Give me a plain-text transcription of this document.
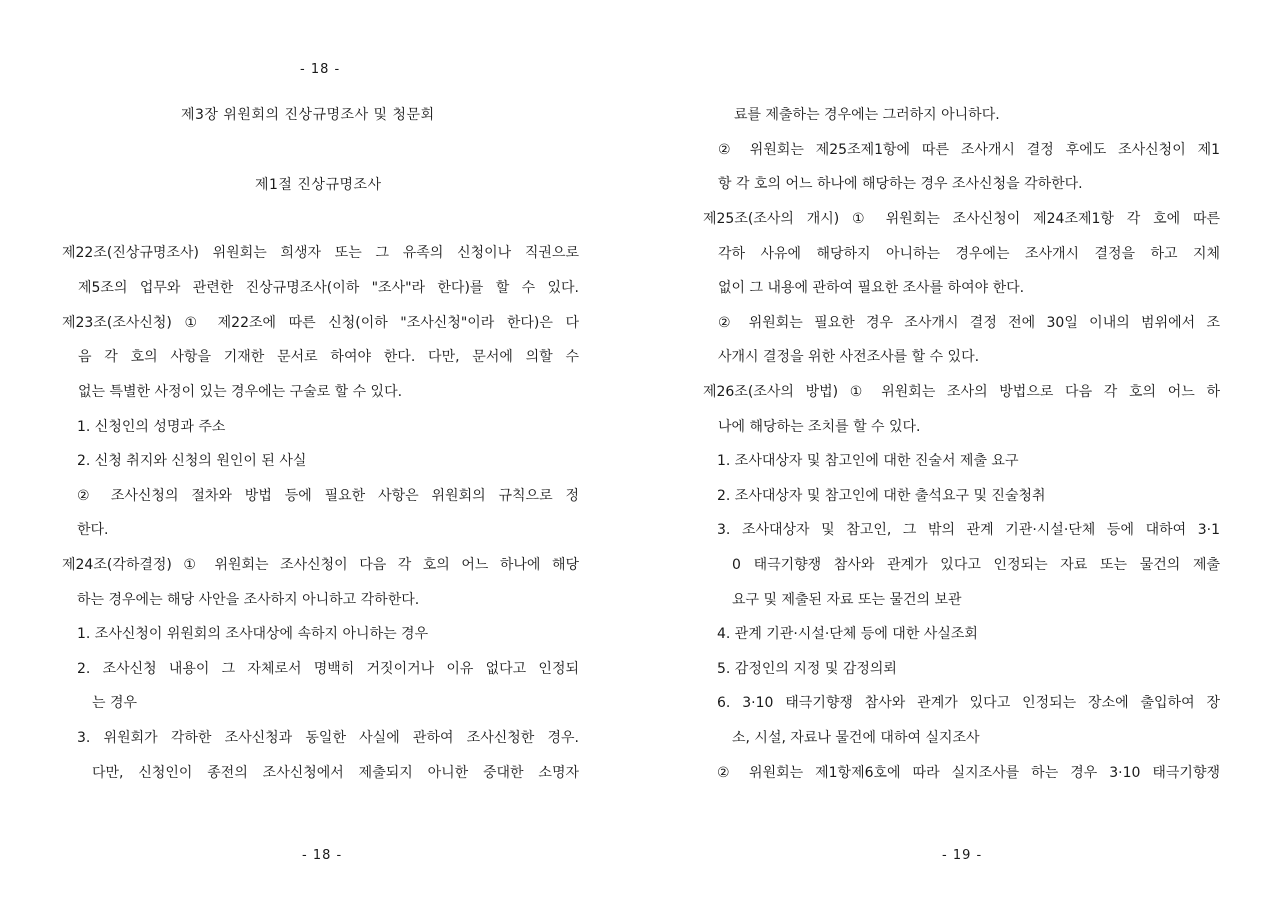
- 18 -
제3장 위원회의 진상규명조사 및 청문회
제1절 진상규명조사
제22조(진상규명조사) 위원회는 희생자 또는 그 유족의 신청이나 직권으로
제5조의 업무와 관련한 진상규명조사(이하 "조사"라 한다)를 할 수 있다.
제23조(조사신청) ① 제22조에 따른 신청(이하 "조사신청"이라 한다)은 다
음 각 호의 사항을 기재한 문서로 하여야 한다. 다만, 문서에 의할 수
없는 특별한 사정이 있는 경우에는 구술로 할 수 있다.
1. 신청인의 성명과 주소
2. 신청 취지와 신청의 원인이 된 사실
② 조사신청의 절차와 방법 등에 필요한 사항은 위원회의 규칙으로 정
한다.
제24조(각하결정) ① 위원회는 조사신청이 다음 각 호의 어느 하나에 해당
하는 경우에는 해당 사안을 조사하지 아니하고 각하한다.
1. 조사신청이 위원회의 조사대상에 속하지 아니하는 경우
2. 조사신청 내용이 그 자체로서 명백히 거짓이거나 이유 없다고 인정되
는 경우
3. 위원회가 각하한 조사신청과 동일한 사실에 관하여 조사신청한 경우.
다만, 신청인이 종전의 조사신청에서 제출되지 아니한 중대한 소명자
- 18 -
료를 제출하는 경우에는 그러하지 아니하다.
② 위원회는 제25조제1항에 따른 조사개시 결정 후에도 조사신청이 제1
항 각 호의 어느 하나에 해당하는 경우 조사신청을 각하한다.
제25조(조사의 개시) ① 위원회는 조사신청이 제24조제1항 각 호에 따른
각하 사유에 해당하지 아니하는 경우에는 조사개시 결정을 하고 지체
없이 그 내용에 관하여 필요한 조사를 하여야 한다.
② 위원회는 필요한 경우 조사개시 결정 전에 30일 이내의 범위에서 조
사개시 결정을 위한 사전조사를 할 수 있다.
제26조(조사의 방법) ① 위원회는 조사의 방법으로 다음 각 호의 어느 하
나에 해당하는 조치를 할 수 있다.
1. 조사대상자 및 참고인에 대한 진술서 제출 요구
2. 조사대상자 및 참고인에 대한 출석요구 및 진술청취
3. 조사대상자 및 참고인, 그 밖의 관계 기관·시설·단체 등에 대하여 3·1
0 태극기향쟁 참사와 관계가 있다고 인정되는 자료 또는 물건의 제출
요구 및 제출된 자료 또는 물건의 보관
4. 관계 기관·시설·단체 등에 대한 사실조회
5. 감정인의 지정 및 감정의뢰
6. 3·10 태극기향쟁 참사와 관계가 있다고 인정되는 장소에 출입하여 장
소, 시설, 자료나 물건에 대하여 실지조사
② 위원회는 제1항제6호에 따라 실지조사를 하는 경우 3·10 태극기향쟁
- 19 -
